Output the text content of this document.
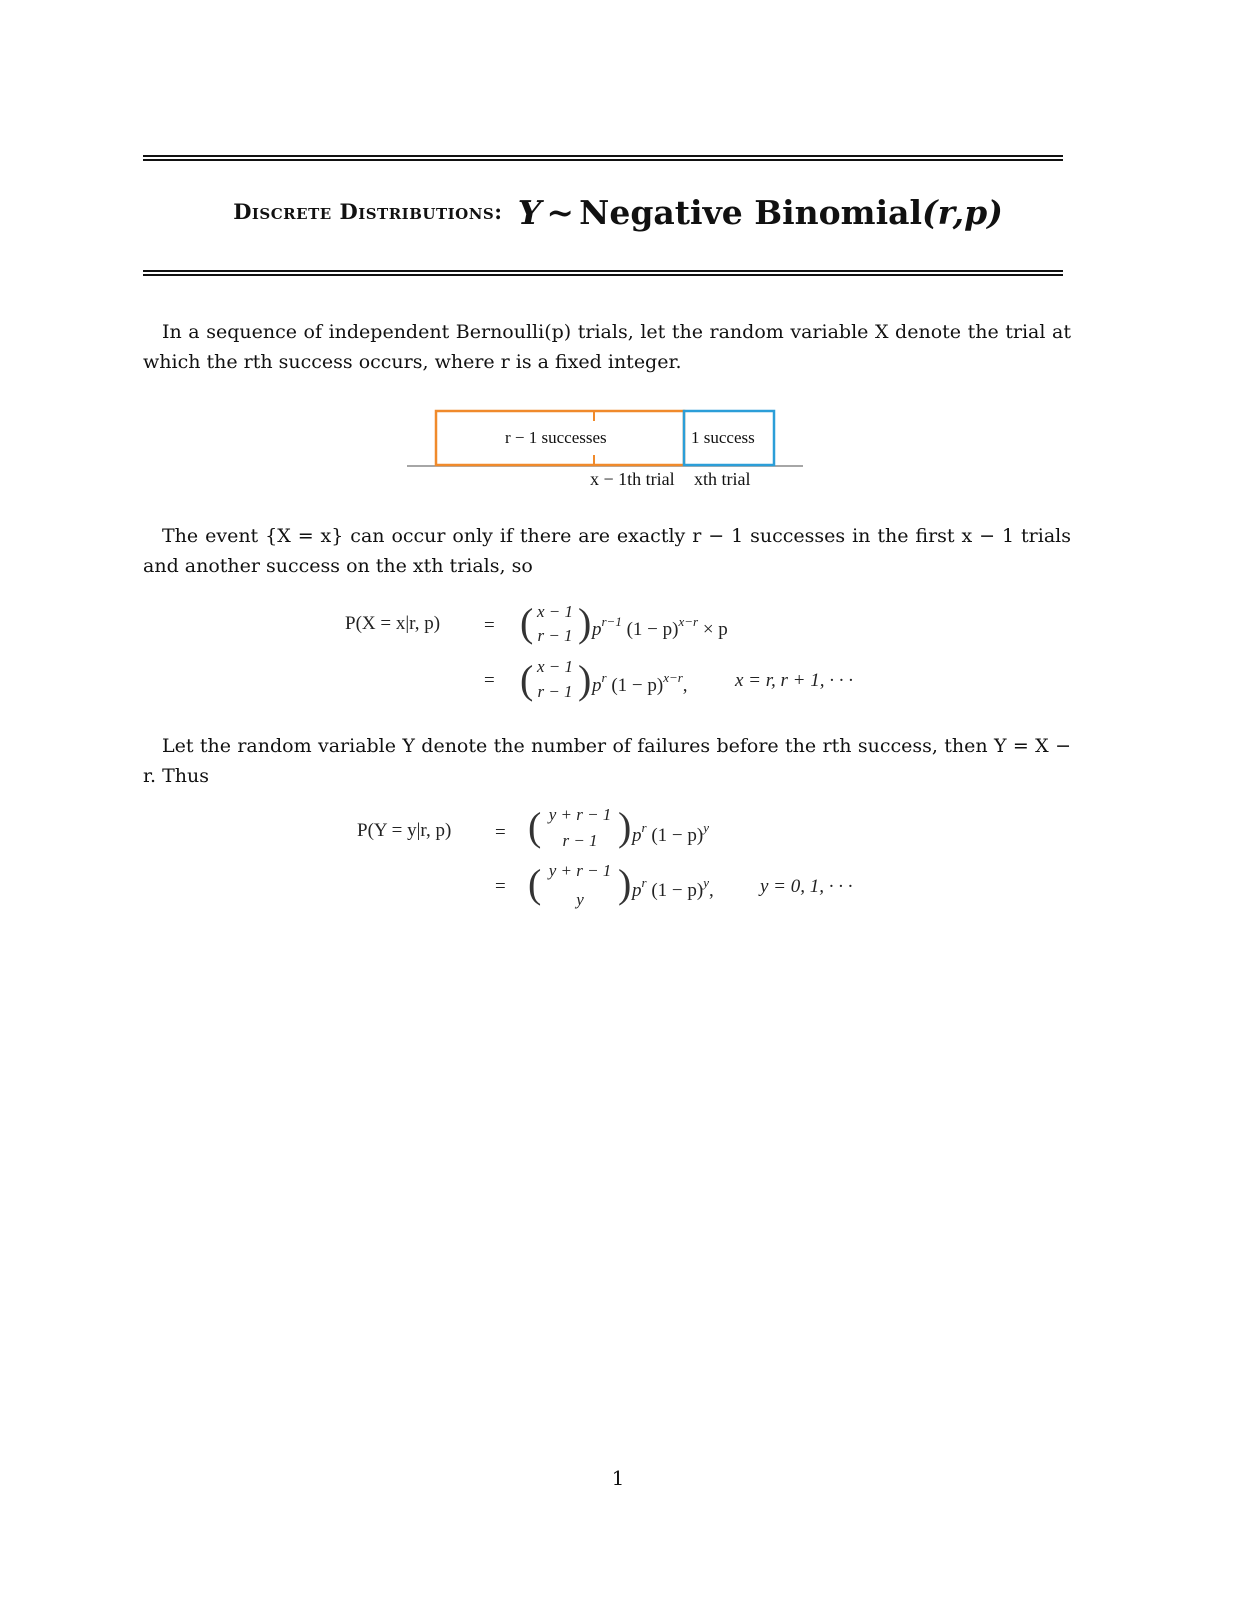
Discrete Distributions: Y ~ Negative Binomial(r,p)
In a sequence of independent Bernoulli(p) trials, let the random variable X denote the trial at which the rth success occurs, where r is a fixed integer.
r − 1 successes	1 success
x − 1th trial xth trial
The event {X = x} can occur only if there are exactly r − 1 successes in the first x − 1 trials and another success on the xth trials, so
P(X = x|r, p) = ( x − 1
r − 1 ) $p^{r-1}$ $(1 - p)^{x-r} \times p$
= ( x − 1
r − 1 ) $p^r$ $(1 - p)^{x-r}$, x = r, r + 1, · · ·
Let the random variable Y denote the number of failures before the rth success, then Y = X − r. Thus
P(Y = y|r, p) = ( y + r − 1
r − 1 ) $p^r$ $(1 - p)^y$
= ( y + r − 1
y ) $p^r$ $(1 - p)^y$, y = 0, 1, · · ·
1
